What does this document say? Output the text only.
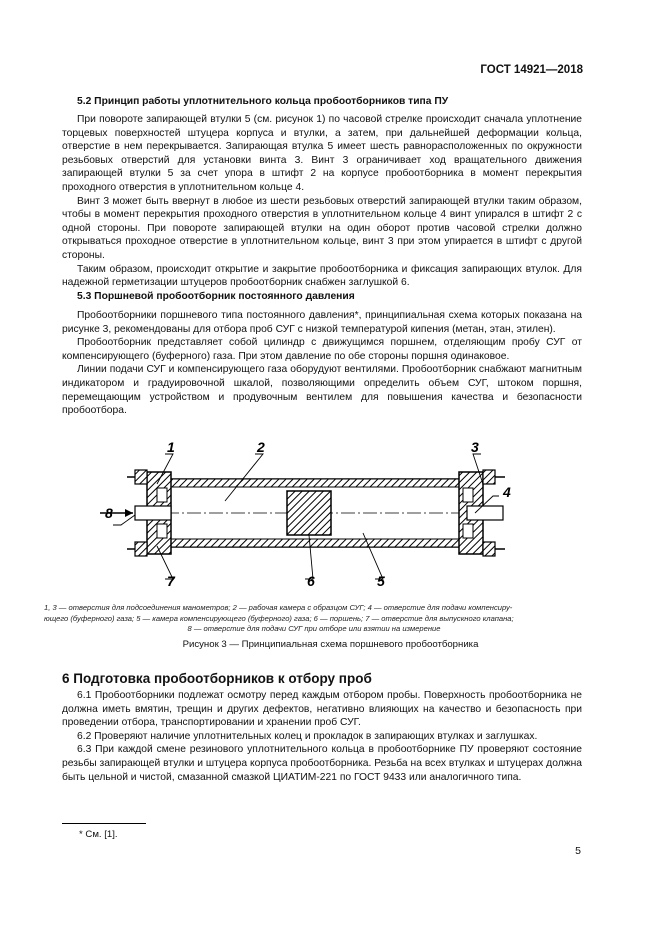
ГОСТ 14921—2018
5.2 Принцип работы уплотнительного кольца пробоотборников типа ПУ

При повороте запирающей втулки 5 (см. рисунок 1) по часовой стрелке происходит сначала уплотнение торцевых поверхностей штуцера корпуса и втулки, а затем, при дальнейшей деформации кольца, отверстие в нем перекрывается. Запирающая втулка 5 имеет шесть равнорасположенных по окружности резьбовых отверстий для установки винта 3. Винт 3 ограничивает ход вращательного движения запирающей втулки 5 за счет упора в штифт 2 на корпусе пробоотборника в момент перекрытия проходного отверстия в уплотнительном кольце 4.

Винт 3 может быть ввернут в любое из шести резьбовых отверстий запирающей втулки таким образом, чтобы в момент перекрытия проходного отверстия в уплотнительном кольце 4 винт упирался в штифт 2 с одной стороны. При повороте запирающей втулки на один оборот против часовой стрелки должно открываться проходное отверстие в уплотнительном кольце, винт 3 при этом упирается в штифт с другой стороны.

Таким образом, происходит открытие и закрытие пробоотборника и фиксация запирающих втулок. Для надежной герметизации штуцеров пробоотборник снабжен заглушкой 6.

5.3 Поршневой пробоотборник постоянного давления

Пробоотборники поршневого типа постоянного давления*, принципиальная схема которых показана на рисунке 3, рекомендованы для отбора проб СУГ с низкой температурой кипения (метан, этан, этилен).

Пробоотборник представляет собой цилиндр с движущимся поршнем, отделяющим пробу СУГ от компенсирующего (буферного) газа. При этом давление по обе стороны поршня одинаковое.

Линии подачи СУГ и компенсирующего газа оборудуют вентилями. Пробоотборник снабжают магнитным индикатором и градуировочной шкалой, позволяющими определить объем СУГ, штоком поршня, перемещающим устройством и продувочным вентилем для повышения качества и безопасности пробоотбора.

1	2	3
4
8
7	6	5
1, 3 — отверстия для подсоединения манометров; 2 — рабочая камера с образцом СУГ; 4 — отверстие для подачи компенсиру-
ющего (буферного) газа; 5 — камера компенсирующего (буферного) газа; 6 — поршень; 7 — отверстие для выпускного клапана;
8 — отверстие для подачи СУГ при отборе или взятии на измерение
Рисунок 3 — Принципиальная схема поршневого пробоотборника
6 Подготовка пробоотборников к отбору проб

6.1 Пробоотборники подлежат осмотру перед каждым отбором пробы. Поверхность пробоотборника не должна иметь вмятин, трещин и других дефектов, негативно влияющих на качество и безопасность при проведении отбора, транспортировании и хранении проб СУГ.

6.2 Проверяют наличие уплотнительных колец и прокладок в запирающих втулках и заглушках.

6.3 При каждой смене резинового уплотнительного кольца в пробоотборнике ПУ проверяют состояние резьбы запирающей втулки и штуцера корпуса пробоотборника. Резьба на всех втулках и штуцерах должна быть цельной и чистой, смазанной смазкой ЦИАТИМ-221 по ГОСТ 9433 или аналогичного типа.

* См. [1].
5
